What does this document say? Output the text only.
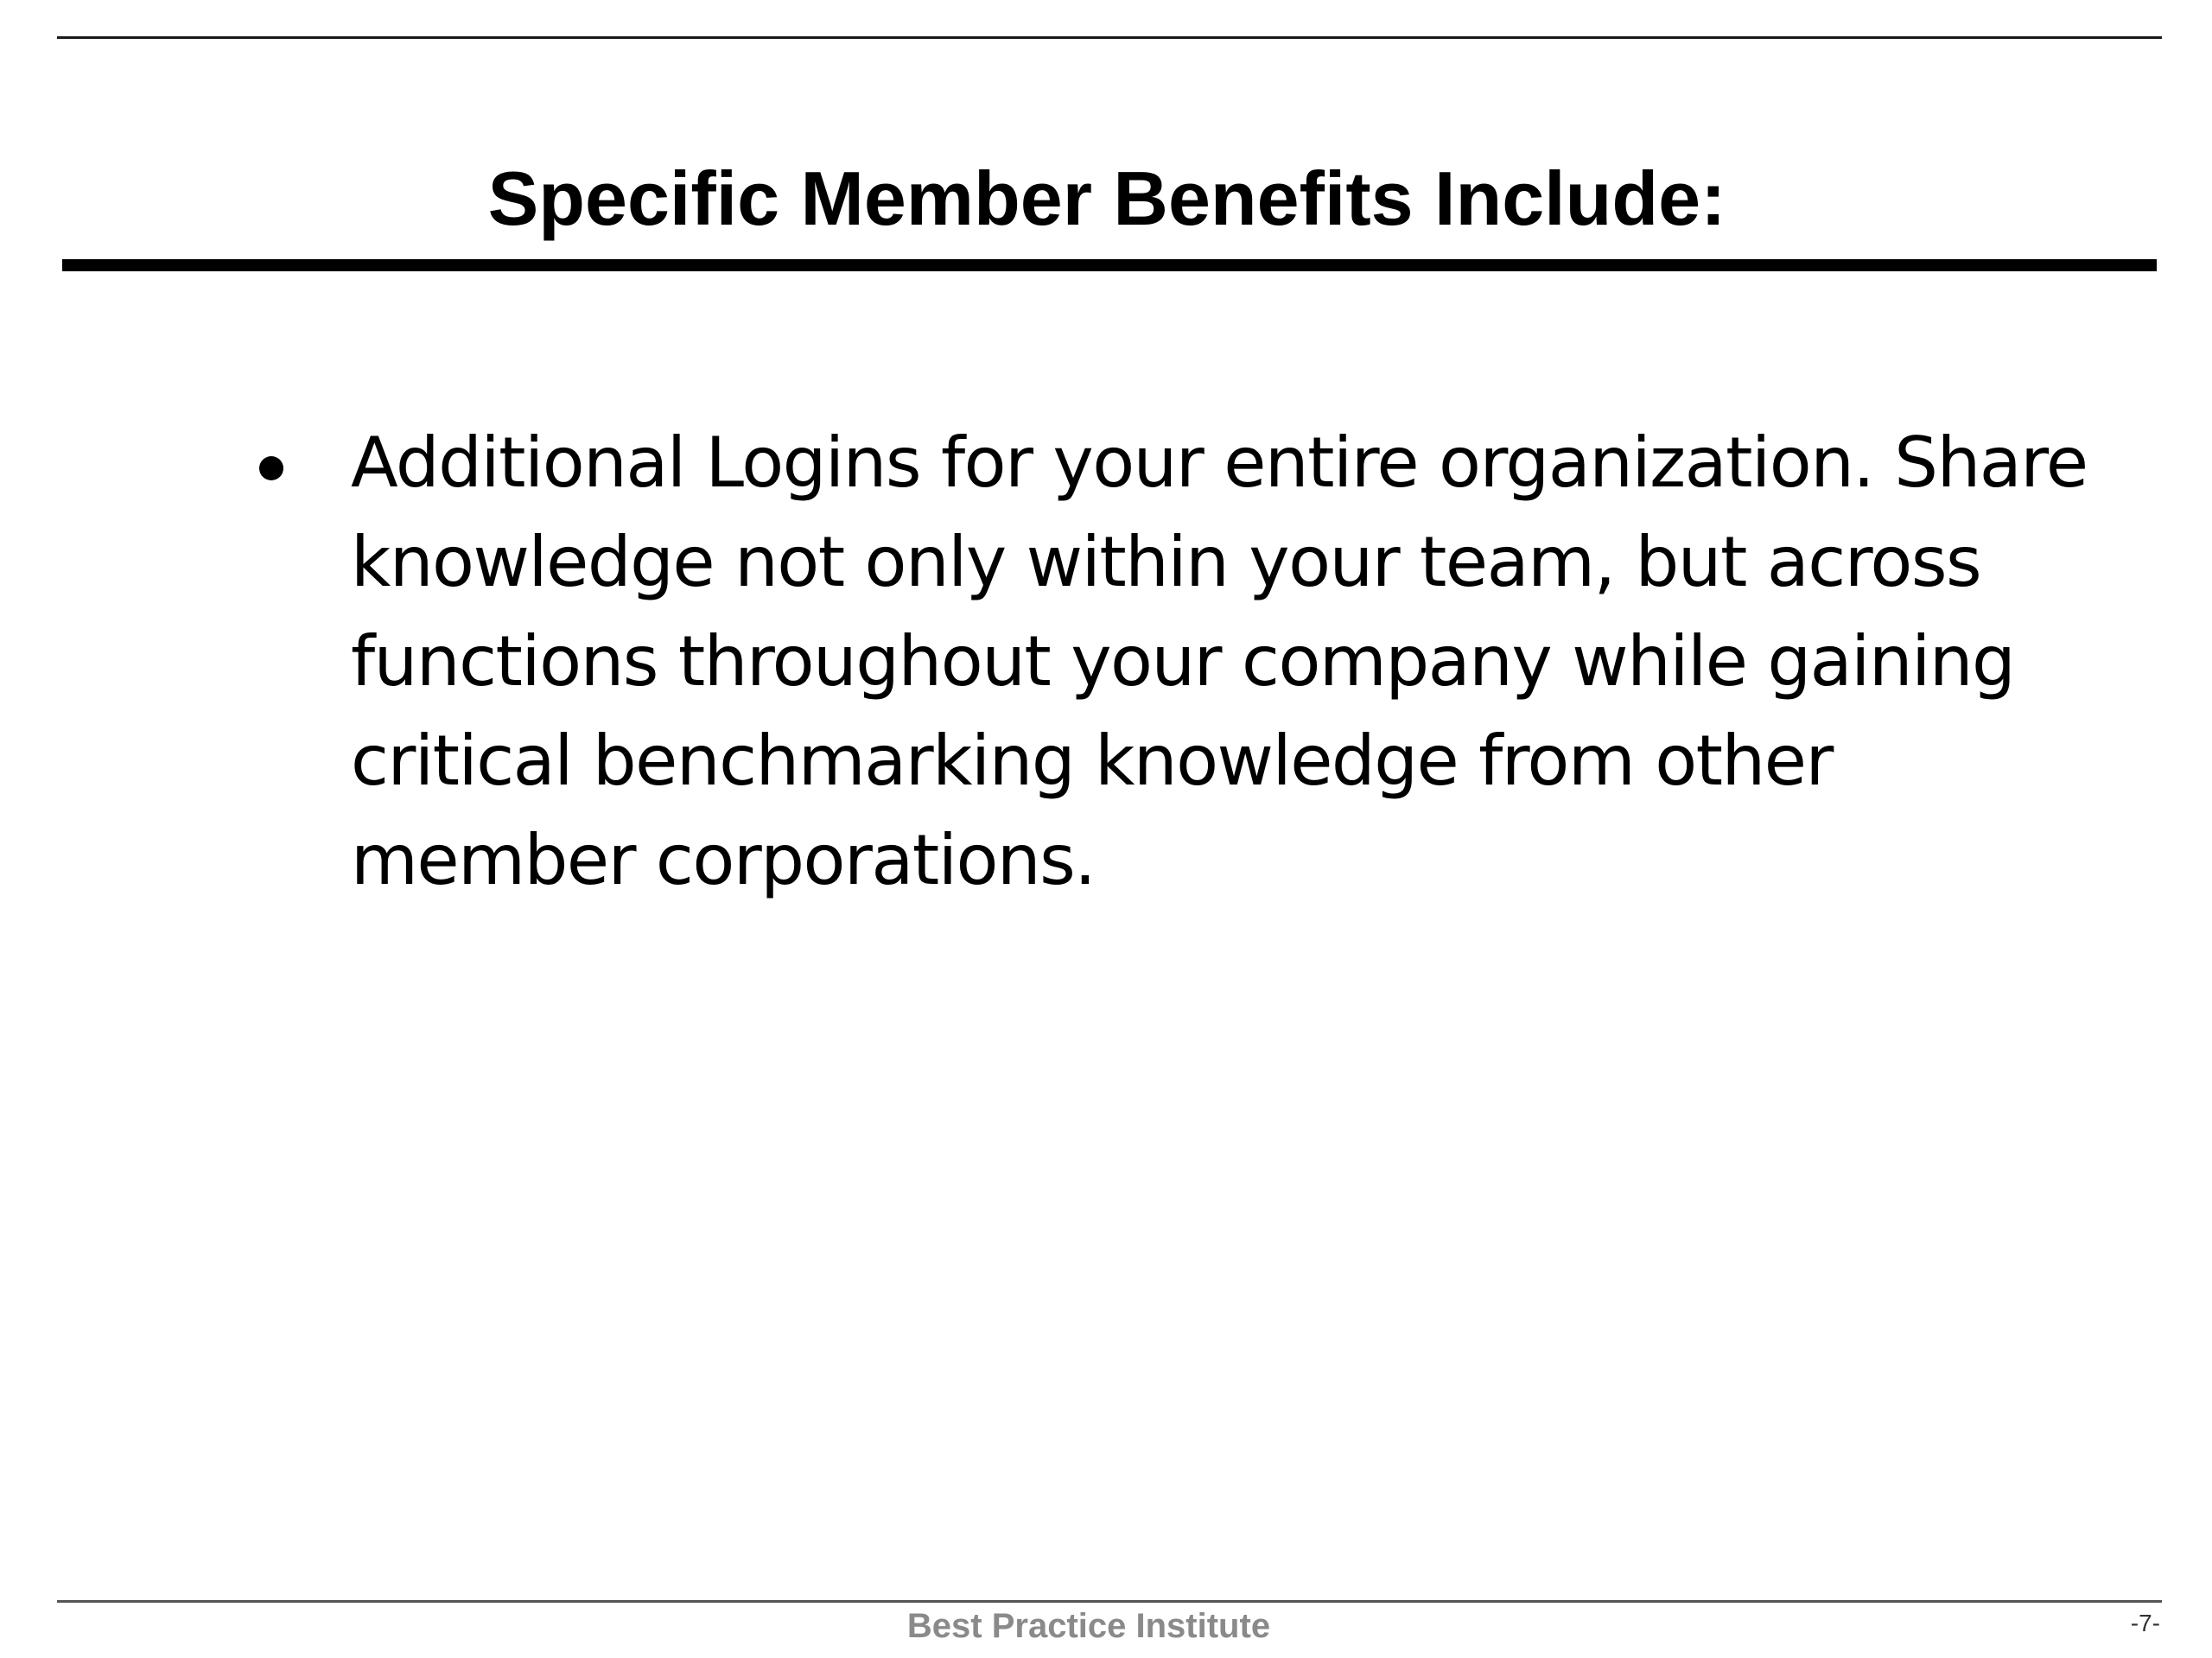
Specific Member Benefits Include:
Additional Logins for your entire organization. Share
knowledge not only within your team, but across
functions throughout your company while gaining
critical benchmarking knowledge from other
member corporations.
Best Practice Institute	-7-
